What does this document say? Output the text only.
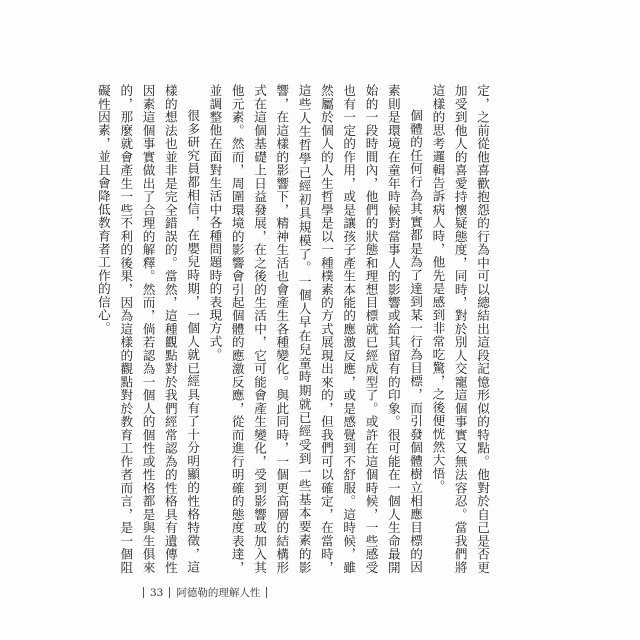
定，之前從他喜歡抱怨的行為中可以總結出這段記憶形似的特點。他對於自己是否更加受到他人的喜愛持懷疑態度，同時，對於別人交寵這個事實又無法容忍。當我們將這樣的思考邏輯告訴病人時，他先是感到非常吃驚，之後便恍然大悟。

個體的任何行為其實都是為了達到某一行為目標，而引發個體樹立相應目標的因素則是環境在童年時候對當事人的影響或給其留有的印象。很可能在一個人生命最開始的一段時間內，他們的狀態和理想目標就已經成型了。或許在這個時候，一些感受也有一定的作用，或是讓孩子產生本能的應激反應，或是感覺到不舒服。這時候，雖然屬於個人的人生哲學是以一種樸素的方式展現出來的，但我們可以確定，在當時，這些人生哲學已經初具規模了。一個人早在兒童時期就已經受到一些基本要素的影響，在這樣的影響下，精神生活也會產生各種變化。與此同時，一個更高層的結構形式在這個基礎上日益發展，在之後的生活中，它可能會產生變化，受到影響或加入其他元素。然而，周圍環境的影響會引起個體的應激反應，從而進行明確的態度表達，並調整他在面對生活中各種問題時的表現方式。

很多研究員都相信，在嬰兒時期，一個人就已經具有了十分明顯的性格特徵，這樣的想法也並非是完全錯誤的。當然，這種觀點對於我們經常認為的性格具有遺傳性因素這個事實做出了合理的解釋。然而，倘若認為一個人的個性或性格都是與生俱來的，那麼就會產生一些不利的後果，因為這樣的觀點對於教育工作者而言，是一個阻礙性因素，並且會降低教育者工作的信心。

33 阿德勒的理解人性
